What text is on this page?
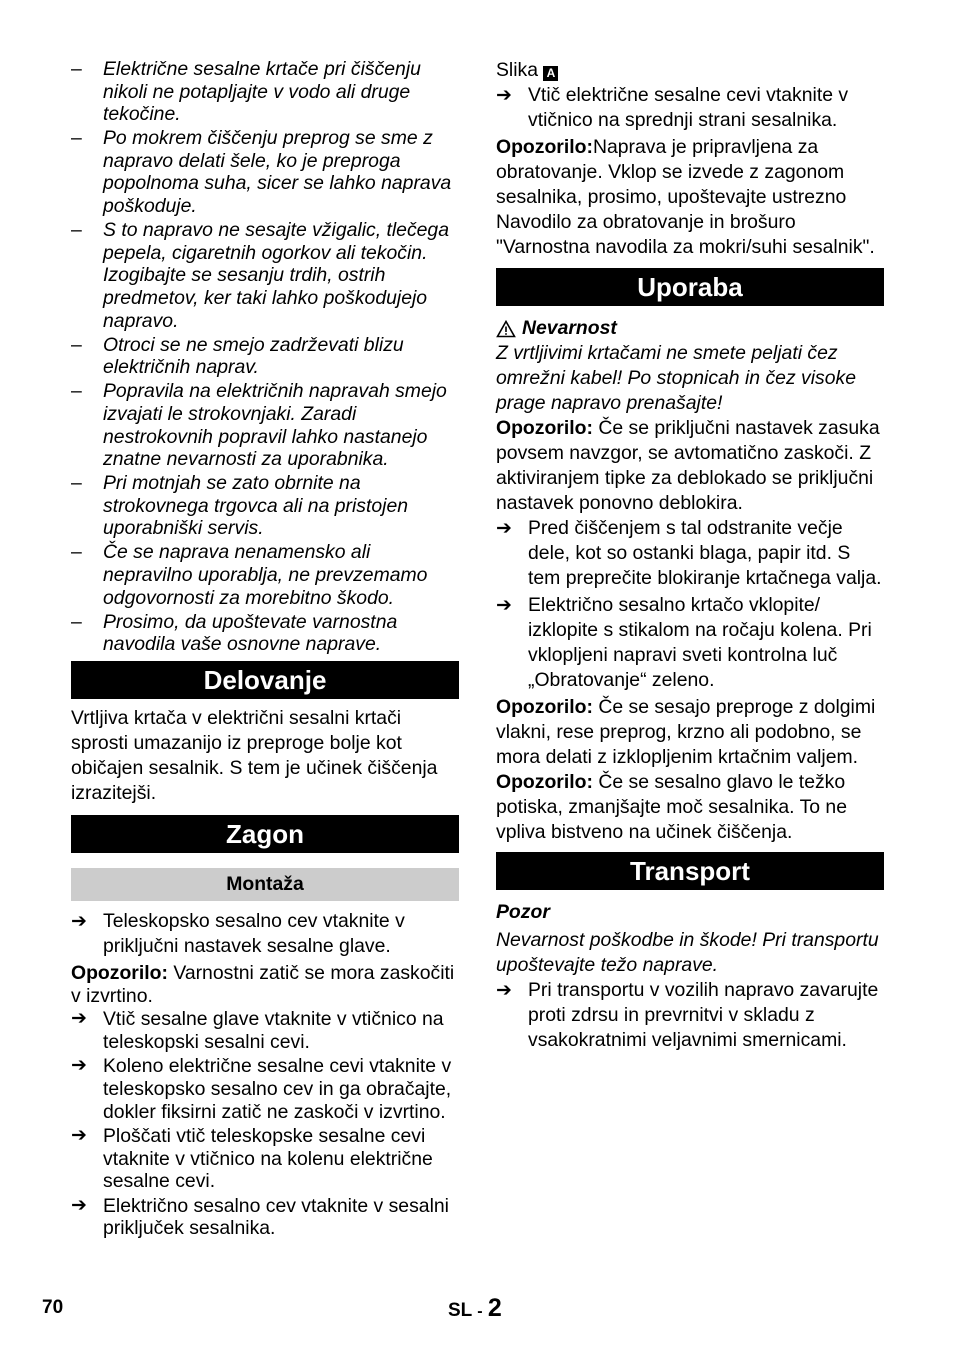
– Električne sesalne krtače pri čiščenju nikoli ne potapljajte v vodo ali druge tekočine.
– Po mokrem čiščenju preprog se sme z napravo delati šele, ko je preproga popolnoma suha, sicer se lahko naprava poškoduje.
– S to napravo ne sesajte vžigalic, tlečega pepela, cigaretnih ogorkov ali tekočin. Izogibajte se sesanju trdih, ostrih predmetov, ker taki lahko poškodujejo napravo.
– Otroci se ne smejo zadrževati blizu električnih naprav.
– Popravila na električnih napravah smejo izvajati le strokovnjaki. Zaradi nestrokovnih popravil lahko nastanejo znatne nevarnosti za uporabnika.
– Pri motnjah se zato obrnite na strokovnega trgovca ali na pristojen uporabniški servis.
– Če se naprava nenamensko ali nepravilno uporablja, ne prevzemamo odgovornosti za morebitno škodo.
– Prosimo, da upoštevate varnostna navodila vaše osnovne naprave.
Delovanje
Vrtljiva krtača v električni sesalni krtači sprosti umazanijo iz preproge bolje kot običajen sesalnik. S tem je učinek čiščenja izrazitejši.
Zagon
Montaža
➔ Teleskopsko sesalno cev vtaknite v priključni nastavek sesalne glave.
Opozorilo: Varnostni zatič se mora zaskočiti v izvrtino.
➔ Vtič sesalne glave vtaknite v vtičnico na teleskopski sesalni cevi.
➔ Koleno električne sesalne cevi vtaknite v teleskopsko sesalno cev in ga obračajte, dokler fiksirni zatič ne zaskoči v izvrtino.
➔ Ploščati vtič teleskopske sesalne cevi vtaknite v vtičnico na kolenu električne sesalne cevi.
➔ Električno sesalno cev vtaknite v sesalni priključek sesalnika.
Slika A
➔ Vtič električne sesalne cevi vtaknite v vtičnico na sprednji strani sesalnika.
Opozorilo:Naprava je pripravljena za obratovanje. Vklop se izvede z zagonom sesalnika, prosimo, upoštevajte ustrezno Navodilo za obratovanje in brošuro "Varnostna navodila za mokri/suhi sesalnik".
Uporaba
Nevarnost
Z vrtljivimi krtačami ne smete peljati čez omrežni kabel! Po stopnicah in čez visoke prage napravo prenašajte!
Opozorilo: Če se priključni nastavek zasuka povsem navzgor, se avtomatično zaskoči. Z aktiviranjem tipke za deblokado se priključni nastavek ponovno deblokira.
➔ Pred čiščenjem s tal odstranite večje dele, kot so ostanki blaga, papir itd. S tem preprečite blokiranje krtačnega valja.
➔ Električno sesalno krtačo vklopite/ izklopite s stikalom na ročaju kolena. Pri vklopljeni napravi sveti kontrolna luč „Obratovanje“ zeleno.
Opozorilo: Če se sesajo preproge z dolgimi vlakni, rese preprog, krzno ali podobno, se mora delati z izklopljenim krtačnim valjem.
Opozorilo: Če se sesalno glavo le težko potiska, zmanjšajte moč sesalnika. To ne vpliva bistveno na učinek čiščenja.
Transport
Pozor
Nevarnost poškodbe in škode! Pri transportu upoštevajte težo naprave.
➔ Pri transportu v vozilih napravo zavarujte proti zdrsu in prevrnitvi v skladu z vsakokratnimi veljavnimi smernicami.
70	SL - 2
